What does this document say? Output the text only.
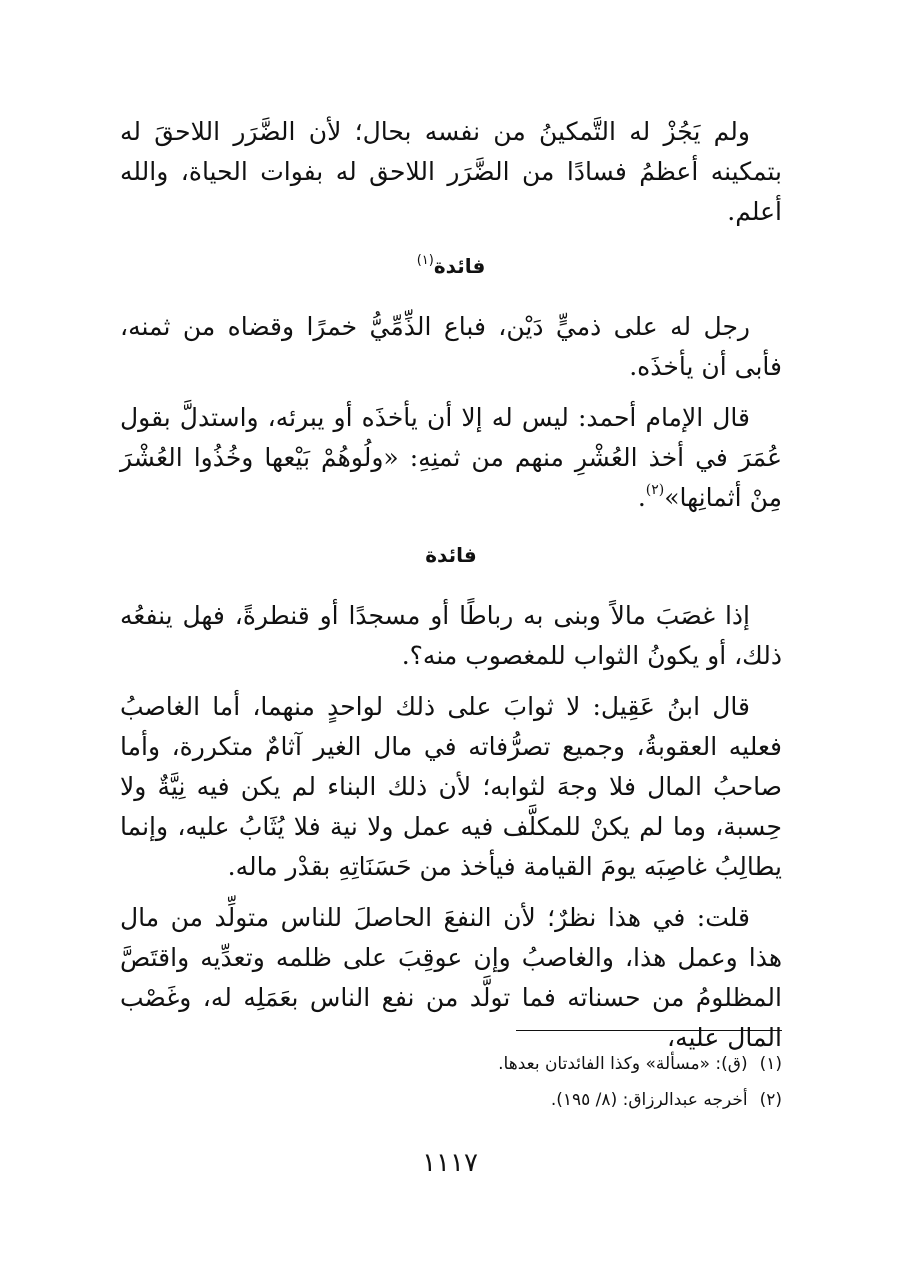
ولم يَجُزْ له التَّمكينُ من نفسه بحال؛ لأن الضَّرَر اللاحقَ له بتمكينه أعظمُ فسادًا من الضَّرَر اللاحق له بفوات الحياة، والله أعلم.

فائدة$^{(١)}$

رجل له على ذميٍّ دَيْن، فباع الذِّمِّيُّ خمرًا وقضاه من ثمنه، فأبى أن يأخذَه.

قال الإمام أحمد: ليس له إلا أن يأخذَه أو يبرئه، واستدلَّ بقول عُمَرَ في أخذ العُشْرِ منهم من ثمنِهِ: «ولُوهُمْ بَيْعها وخُذُوا العُشْرَ مِنْ أثمانِها»$^{(٢)}$.

فائدة

إذا غصَبَ مالاً وبنى به رباطًا أو مسجدًا أو قنطرةً، فهل ينفعُه ذلك، أو يكونُ الثواب للمغصوب منه؟.

قال ابنُ عَقِيل: لا ثوابَ على ذلك لواحدٍ منهما، أما الغاصبُ فعليه العقوبةُ، وجميع تصرُّفاته في مال الغير آثامٌ متكررة، وأما صاحبُ المال فلا وجهَ لثوابه؛ لأن ذلك البناء لم يكن فيه نِيَّةٌ ولا حِسبة، وما لم يكنْ للمكلَّف فيه عمل ولا نية فلا يُثَابُ عليه، وإنما يطالِبُ غاصِبَه يومَ القيامة فيأخذ من حَسَنَاتِهِ بقدْر ماله.

قلت: في هذا نظرٌ؛ لأن النفعَ الحاصلَ للناس متولِّد من مال هذا وعمل هذا، والغاصبُ وإن عوقِبَ على ظلمه وتعدِّيه واقتَصَّ المظلومُ من حسناته فما تولَّد من نفع الناس بعَمَلِه له، وغَصْب المال عليه،

(١)
(ق): «مسألة» وكذا الفائدتان بعدها.
(٢)
أخرجه عبدالرزاق: (٨/ ١٩٥).
١١١٧
